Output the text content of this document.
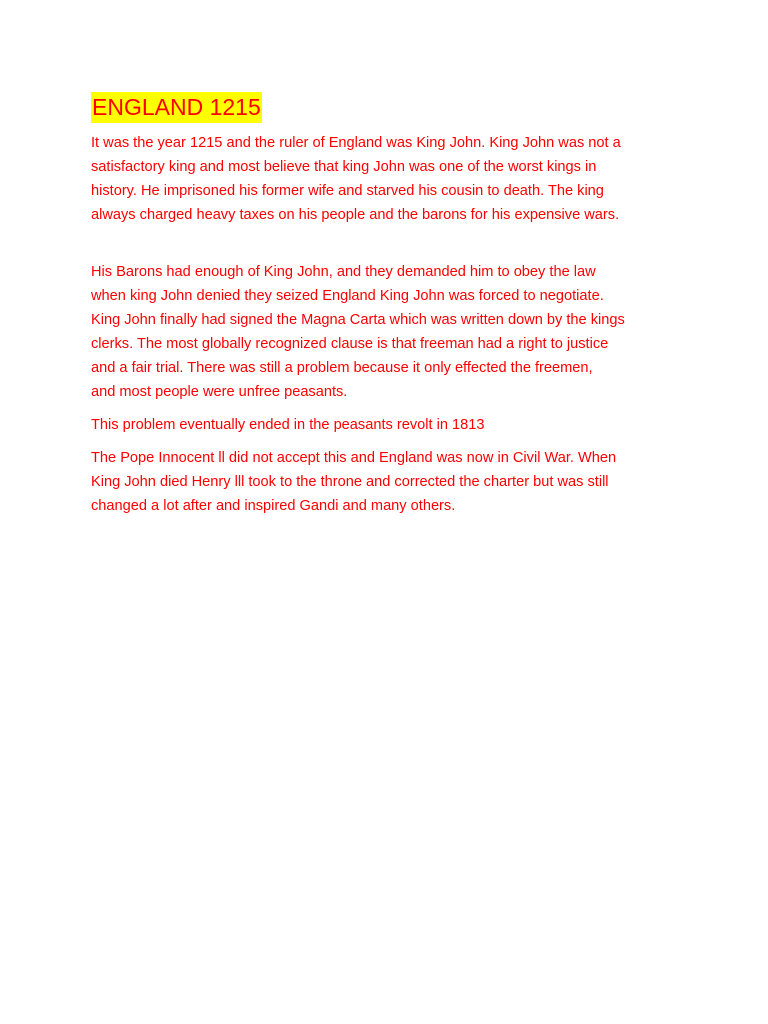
ENGLAND 1215

It was the year 1215 and the ruler of England was King John. King John was not a
satisfactory king and most believe that king John was one of the worst kings in
history. He imprisoned his former wife and starved his cousin to death. The king
always charged heavy taxes on his people and the barons for his expensive wars.

His Barons had enough of King John, and they demanded him to obey the law
when king John denied they seized England King John was forced to negotiate.
King John finally had signed the Magna Carta which was written down by the kings
clerks. The most globally recognized clause is that freeman had a right to justice
and a fair trial. There was still a problem because it only effected the freemen,
and most people were unfree peasants.

This problem eventually ended in the peasants revolt in 1813

The Pope Innocent ll did not accept this and England was now in Civil War. When
King John died Henry lll took to the throne and corrected the charter but was still
changed a lot after and inspired Gandi and many others.
